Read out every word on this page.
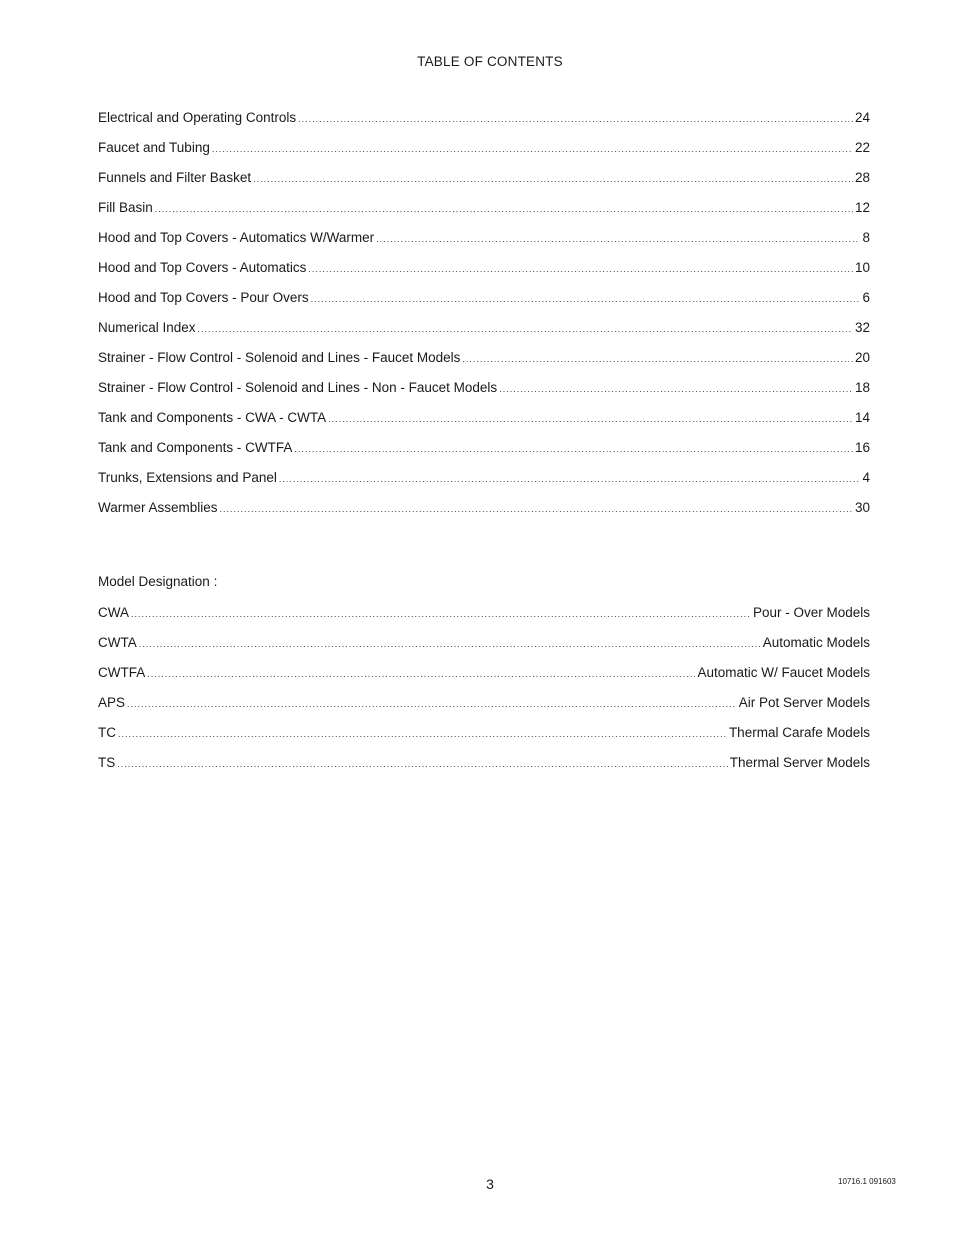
TABLE OF CONTENTS
Electrical and Operating Controls .....	24
Faucet and Tubing .....	22
Funnels and Filter Basket .....	28
Fill Basin .....	12
Hood and Top Covers - Automatics W/Warmer .....	8
Hood and Top Covers - Automatics .....	10
Hood and Top Covers - Pour Overs .....	6
Numerical Index .....	32
Strainer - Flow Control - Solenoid and Lines - Faucet Models .....	20
Strainer - Flow Control - Solenoid and Lines - Non - Faucet Models .....	18
Tank and Components - CWA - CWTA .....	14
Tank and Components - CWTFA .....	16
Trunks, Extensions and Panel .....	4
Warmer Assemblies .....	30
Model Designation :
CWA .....	Pour - Over Models
CWTA .....	Automatic Models
CWTFA .....	Automatic W/ Faucet Models
APS .....	Air Pot Server Models
TC .....	Thermal Carafe Models
TS .....	Thermal Server Models
3	10716.1 091603
